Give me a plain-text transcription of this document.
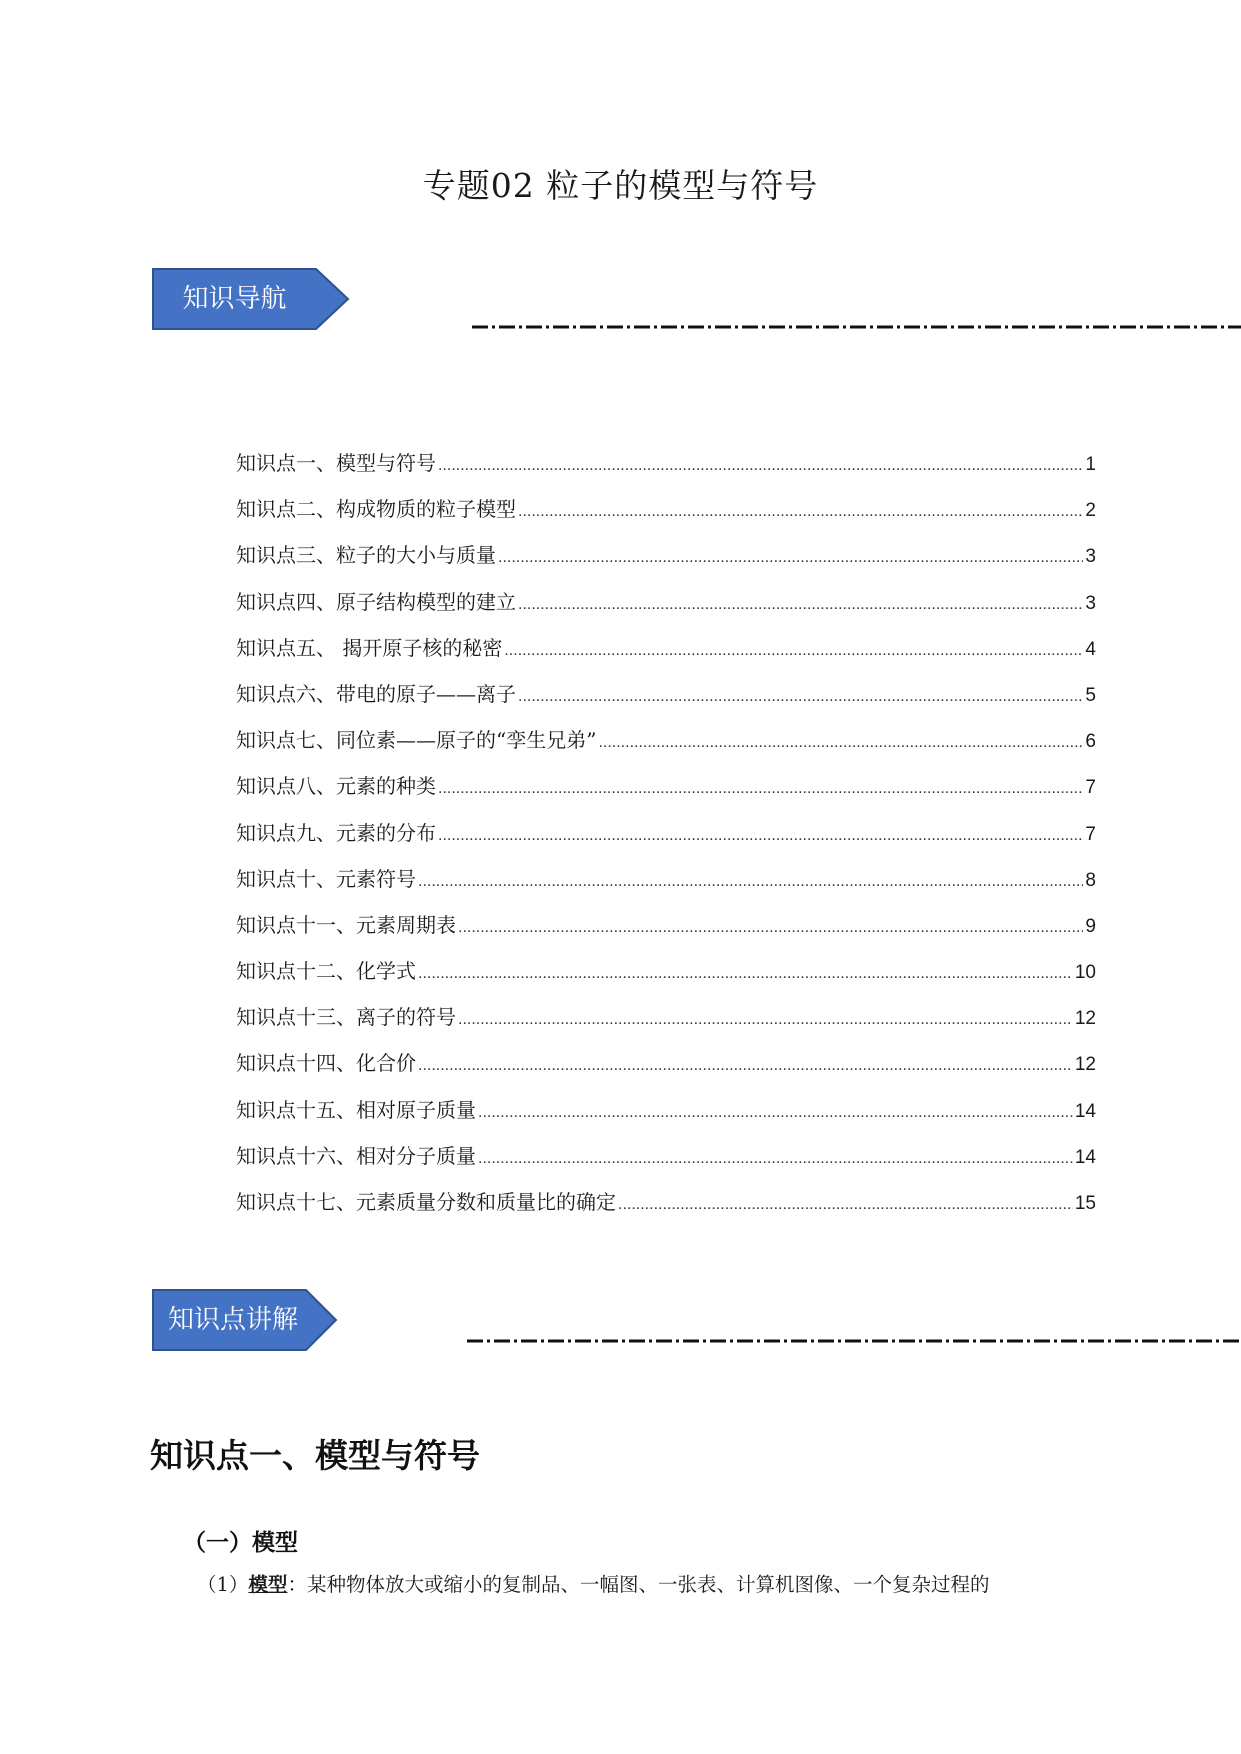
专题02 粒子的模型与符号
知识导航
知识点一、模型与符号 .....	1
知识点二、构成物质的粒子模型 .....	2
知识点三、粒子的大小与质量 .....	3
知识点四、原子结构模型的建立 .....	3
知识点五、 揭开原子核的秘密 .....	4
知识点六、带电的原子——离子 .....	5
知识点七、同位素——原子的“孪生兄弟” .....	6
知识点八、元素的种类 .....	7
知识点九、元素的分布 .....	7
知识点十、元素符号 .....	8
知识点十一、元素周期表 .....	9
知识点十二、化学式 .....	10
知识点十三、离子的符号 .....	12
知识点十四、化合价 .....	12
知识点十五、相对原子质量 .....	14
知识点十六、相对分子质量 .....	14
知识点十七、元素质量分数和质量比的确定 .....	15
知识点讲解
知识点一、模型与符号
（一）模型

（1）模型：某种物体放大或缩小的复制品、一幅图、一张表、计算机图像、一个复杂过程的
